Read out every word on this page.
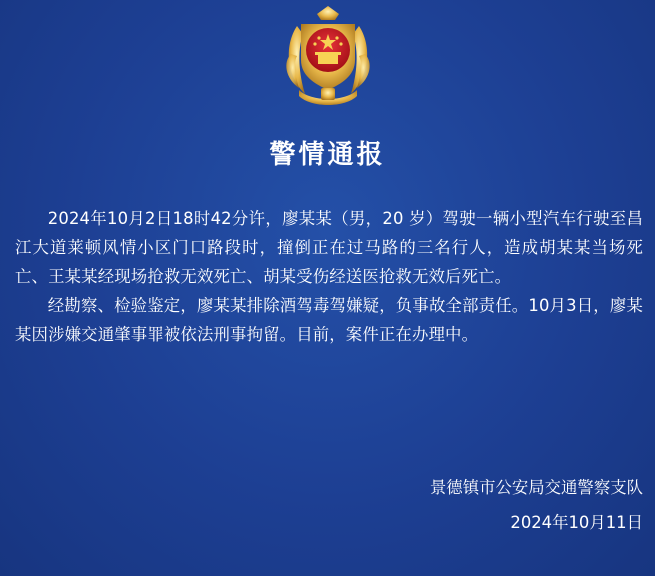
警情通报

2024年10月2日18时42分许，廖某某（男，20 岁）驾驶一辆小型汽车行驶至昌江大道莱顿风情小区门口路段时，撞倒正在过马路的三名行人，造成胡某某当场死亡、王某某经现场抢救无效死亡、胡某受伤经送医抢救无效后死亡。

经勘察、检验鉴定，廖某某排除酒驾毒驾嫌疑，负事故全部责任。10月3日，廖某某因涉嫌交通肇事罪被依法刑事拘留。目前，案件正在办理中。

景德镇市公安局交通警察支队
2024年10月11日
